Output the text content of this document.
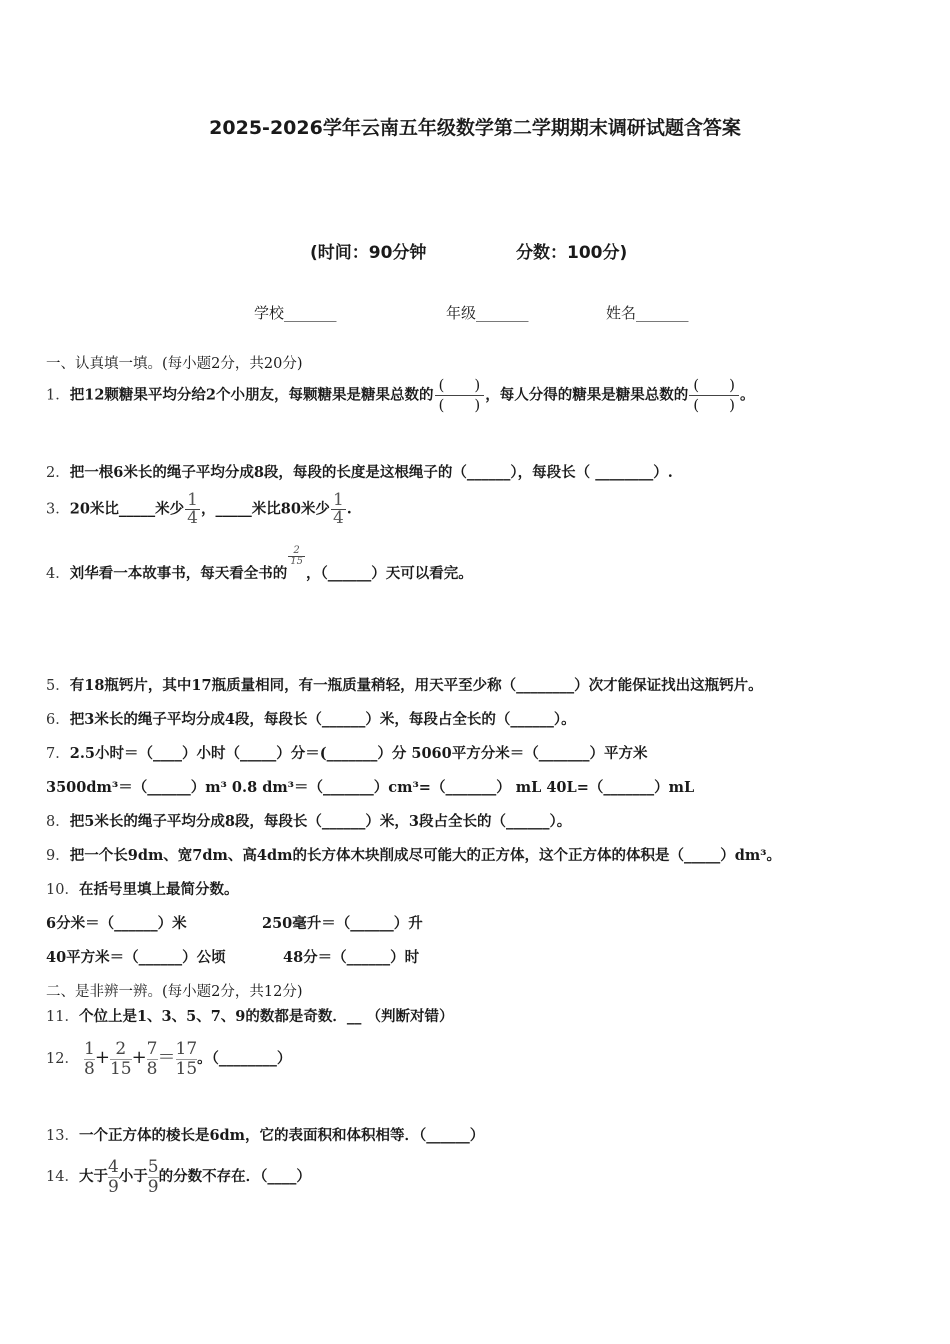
2025-2026学年云南五年级数学第二学期期末调研试题含答案
(时间：90分钟	分数：100分)
学校_______	年级_______	姓名_______
一、认真填一填。(每小题2分，共20分)
1．把12颗糖果平均分给2个小朋友，每颗糖果是糖果总数的 $\frac{( )}{( )}$ ，每人分得的糖果是糖果总数的 $\frac{( )}{( )}$ 。
2．把一根6米长的绳子平均分成8段，每段的长度是这根绳子的（______），每段长（ ________）.
3．20米比_____米少 $\frac{1}{4}$ ，_____米比80米少 $\frac{1}{4}$ .
4．刘华看一本故事书，每天看全书的
$\frac{2}{15}$
，（______）天可以看完。
5．有18瓶钙片，其中17瓶质量相同，有一瓶质量稍轻，用天平至少称（________）次才能保证找出这瓶钙片。
6．把3米长的绳子平均分成4段，每段长（______）米，每段占全长的（______）。
7．2.5小时＝（____）小时（_____）分＝(_______）分 5060平方分米＝（_______）平方米
3500dm³＝（______）m³ 0.8 dm³＝（_______）cm³=（_______） mL 40L=（_______）mL
8．把5米长的绳子平均分成8段，每段长（______）米，3段占全长的（______）。
9．把一个长9dm、宽7dm、高4dm的长方体木块削成尽可能大的正方体，这个正方体的体积是（_____）dm³。
10．在括号里填上最简分数。
6分米＝（______）米	250毫升＝（______）升
40平方米＝（______）公顷	48分＝（______）时
二、是非辨一辨。(每小题2分，共12分)
11．个位上是1、3、5、7、9的数都是奇数．__ （判断对错）
12． $\frac{1}{8} + \frac{2}{15} + \frac{7}{8} = \frac{17}{15}$ 。（________）
13．一个正方体的棱长是6dm，它的表面积和体积相等．（______）
14．大于 $\frac{4}{9}$ 小于 $\frac{5}{9}$ 的分数不存在．（____）
